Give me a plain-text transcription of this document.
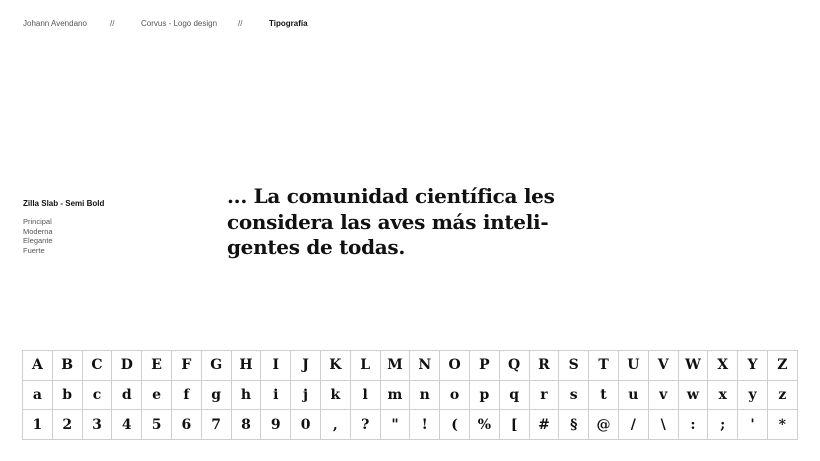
Johann Avendano	//	Corvus - Logo design	//	Tipografía
Zilla Slab - Semi Bold
Principal
Moderna
Elegante
Fuerte
... La comunidad científica les
considera las aves más inteli-
gentes de todas.
A	B	C	D	E	F	G	H	I	J	K	L	M	N	O	P	Q	R	S	T	U	V	W	X	Y	Z
a	b	c	d	e	f	g	h	i	j	k	l	m	n	o	p	q	r	s	t	u	v	w	x	y	z
1	2	3	4	5	6	7	8	9	0	,	?	"	!	(	%	[	#	§	@	/	\	:	;	'	*
